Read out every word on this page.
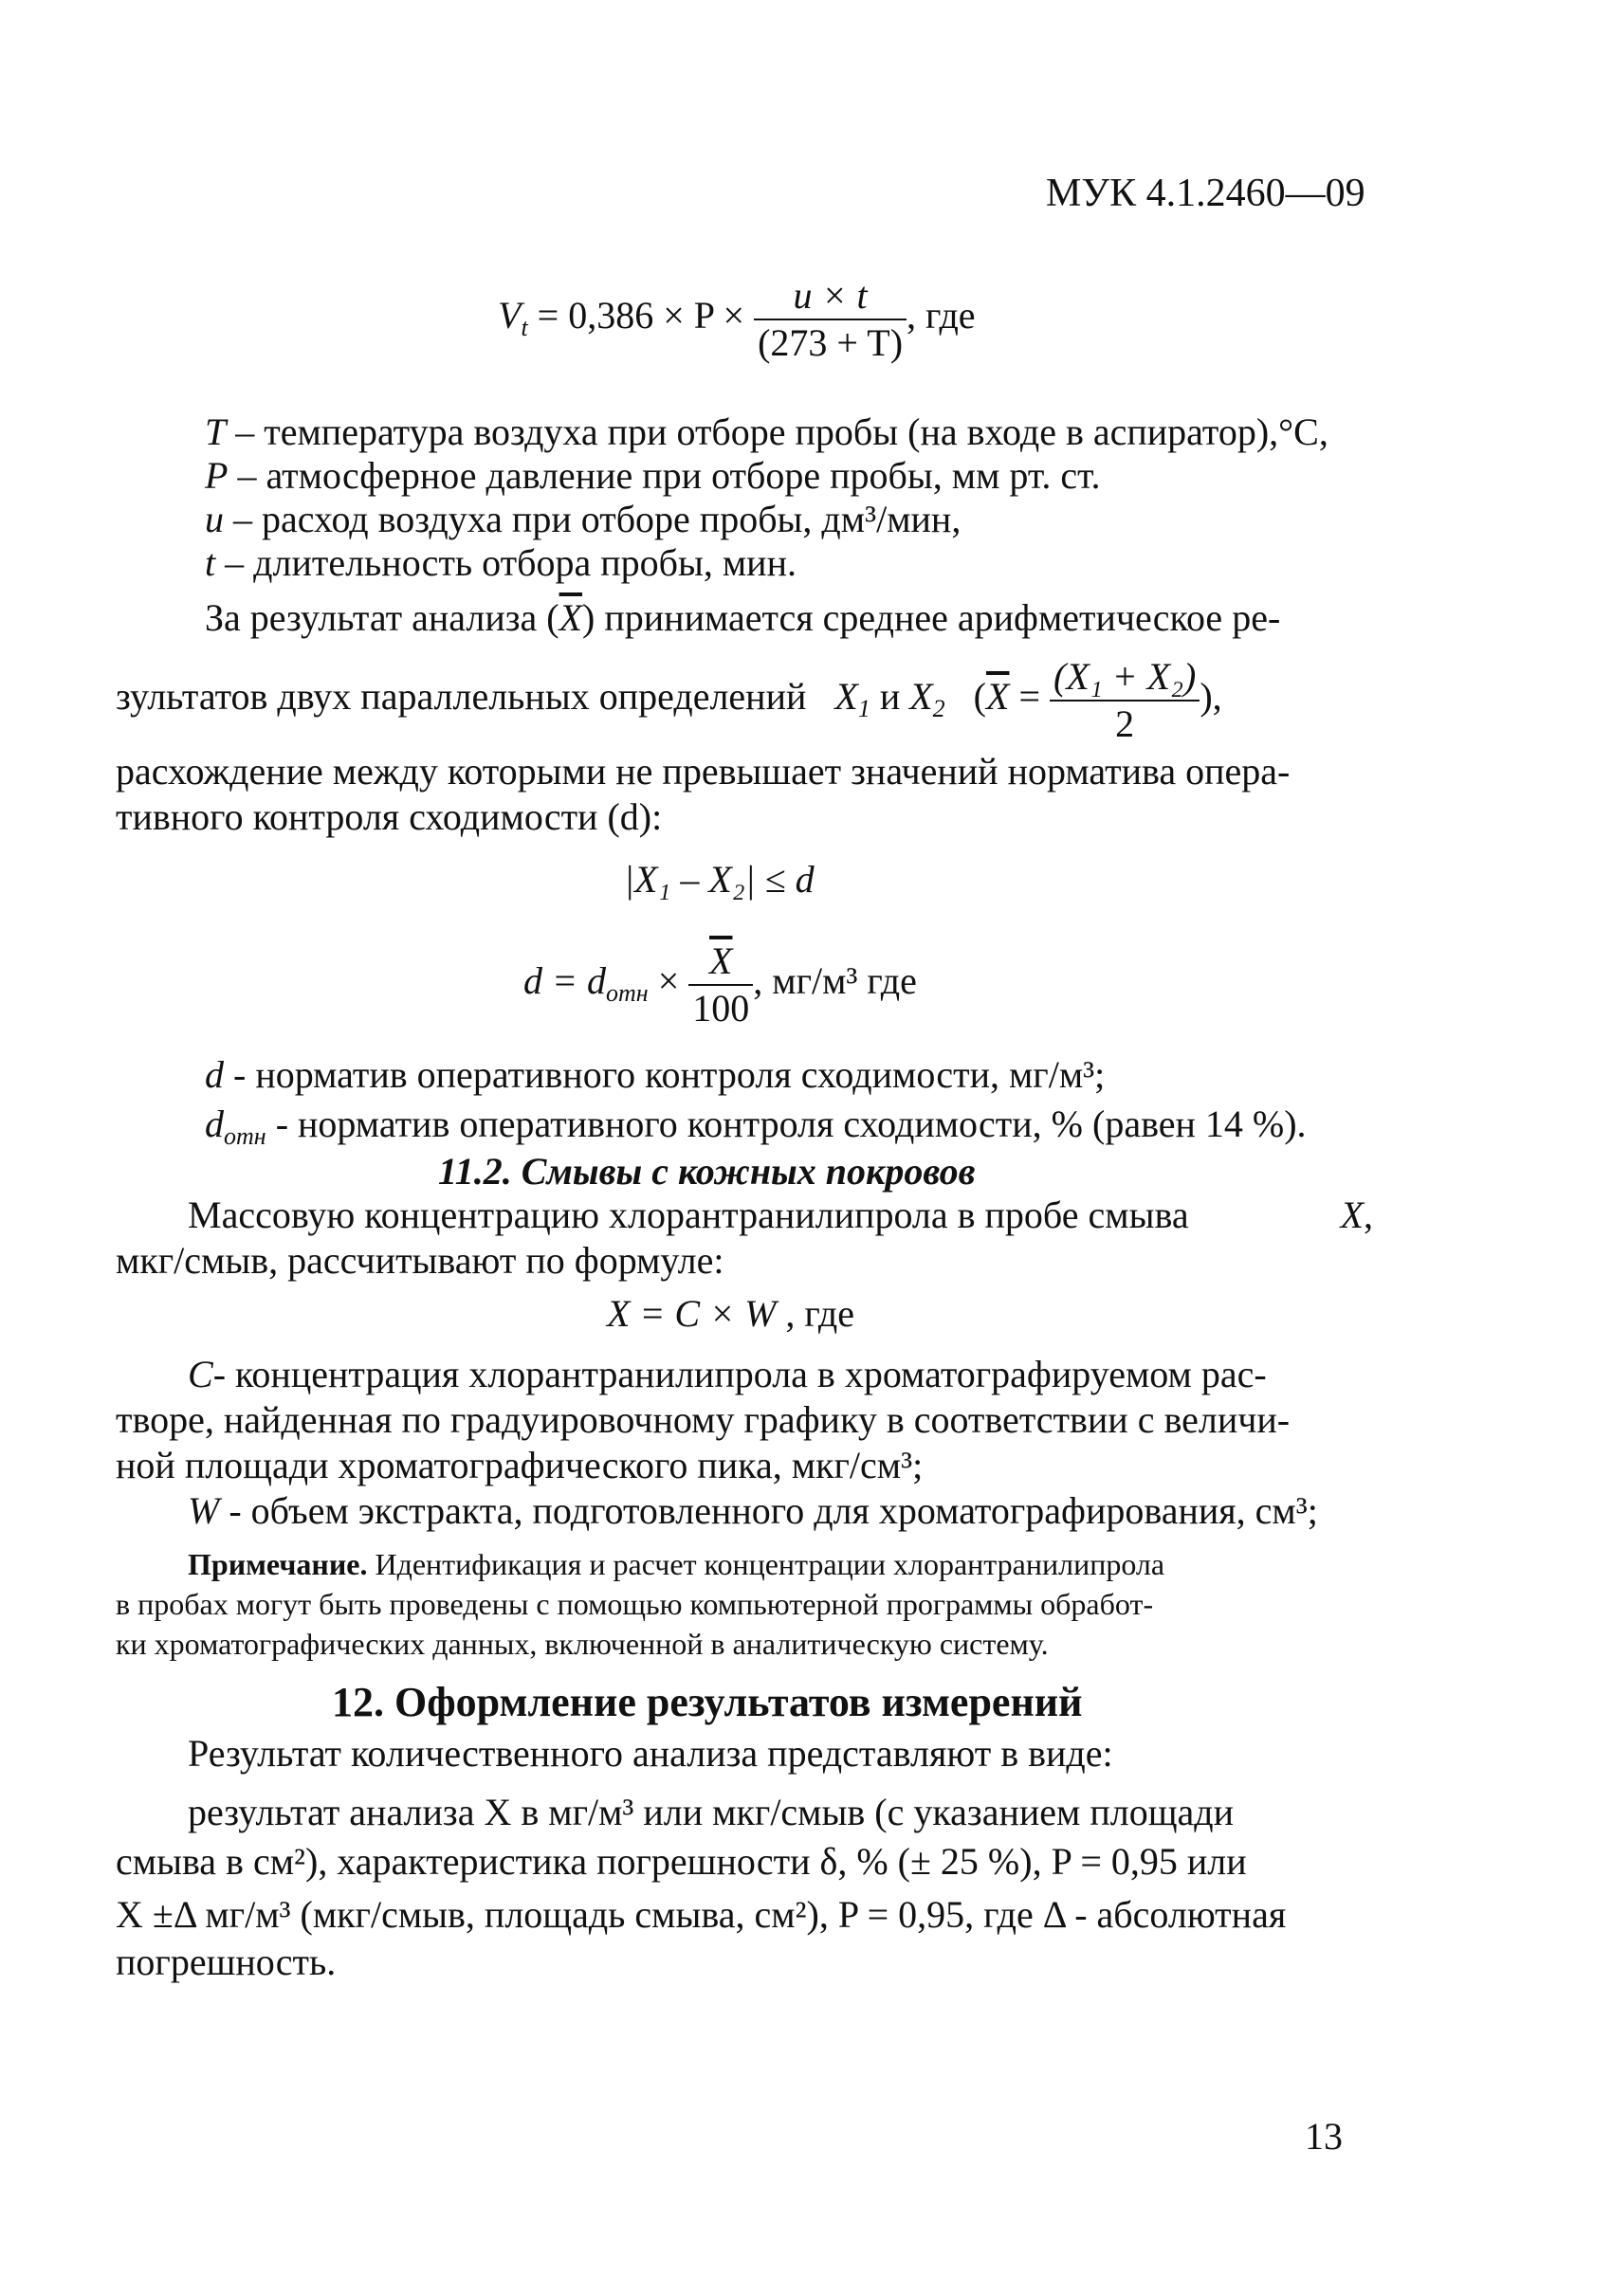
МУК 4.1.2460—09
$V_t = 0,386 \times P \times \frac{u \times t}{(273 + T)}$ , где
T – температура воздуха при отборе пробы (на входе в аспиратор),°С,
P – атмосферное давление при отборе пробы, мм рт. ст.
u – расход воздуха при отборе пробы, дм³/мин,
t – длительность отбора пробы, мин.
За результат анализа $(\overline{X})$ принимается среднее арифметическое ре-
зультатов двух параллельных определений $X_1$ и $X_2$ ($\overline{X} = \frac{\text{(X₁ + X₂)}}{2}$ ),
расхождение между которыми не превышает значений норматива опера-
тивного контроля сходимости (d):
|X₁ – X₂| ≤ d
$d = d_{отн} \times \frac{\overline{X}}{100}$ , мг/м³ где
d - норматив оперативного контроля сходимости, мг/м³;
$d_{отн}$ - норматив оперативного контроля сходимости, % (равен 14 %).
11.2. Смывы с кожных покровов
Массовую концентрацию хлорантранилипрола в пробе смыва	X,
мкг/смыв, рассчитывают по формуле:
X = C × W , где
C - концентрация хлорантранилипрола в хроматографируемом рас-
творе, найденная по градуировочному графику в соответствии с величи-
ной площади хроматографического пика, мкг/см³;
W - объем экстракта, подготовленного для хроматографирования, см³;
Примечание. Идентификация и расчет концентрации хлорантранилипрола
в пробах могут быть проведены с помощью компьютерной программы обработ-
ки хроматографических данных, включенной в аналитическую систему.
12. Оформление результатов измерений
Результат количественного анализа представляют в виде:
результат анализа X в мг/м³ или мкг/смыв (с указанием площади
смыва в см²), характеристика погрешности δ, % (± 25 %), P = 0,95 или
X ±Δ мг/м³ (мкг/смыв, площадь смыва, см²), P = 0,95, где Δ - абсолютная
погрешность.
13
